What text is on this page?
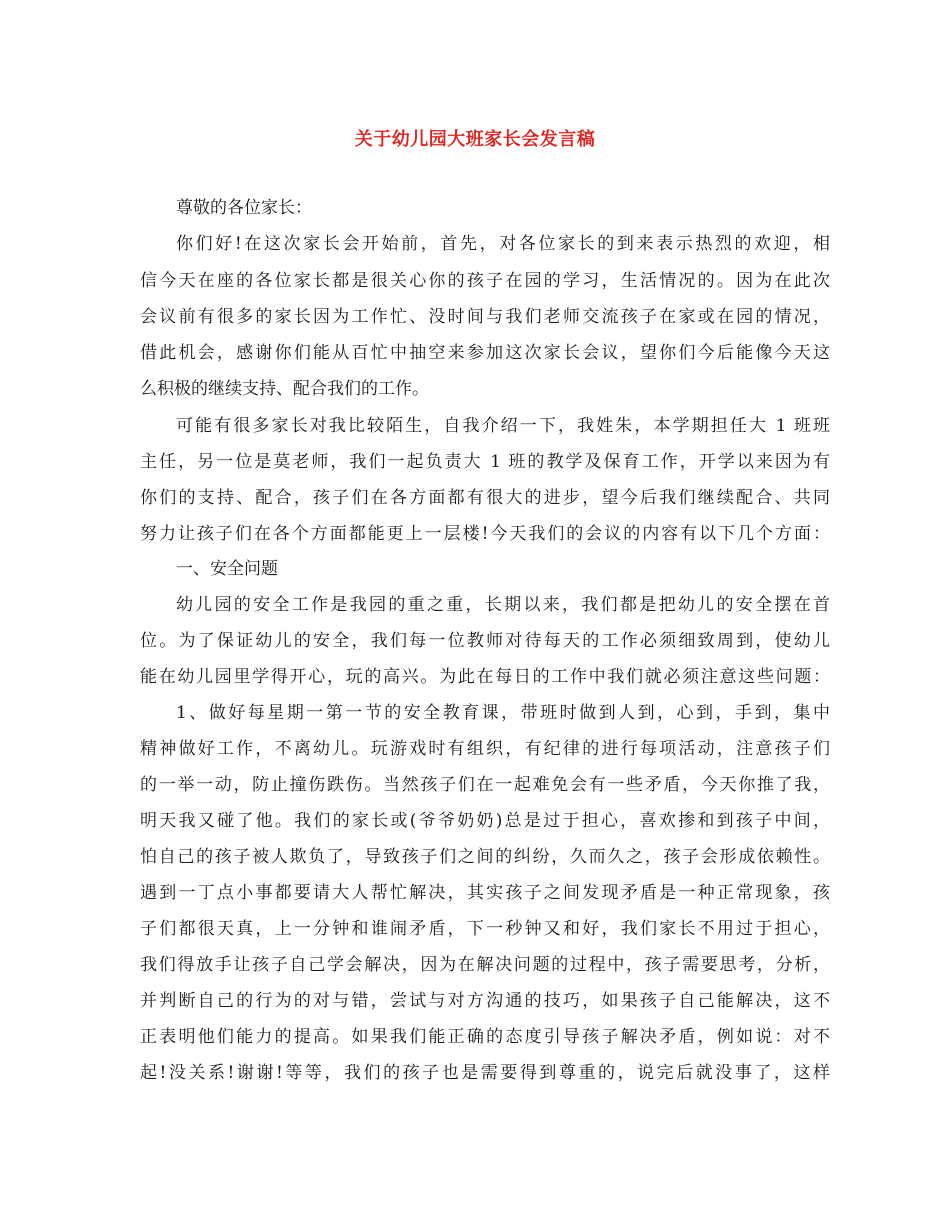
关于幼儿园大班家长会发言稿
尊敬的各位家长：
你们好!在这次家长会开始前，首先，对各位家长的到来表示热烈的欢迎，相
信今天在座的各位家长都是很关心你的孩子在园的学习，生活情况的。因为在此次
会议前有很多的家长因为工作忙、没时间与我们老师交流孩子在家或在园的情况，
借此机会，感谢你们能从百忙中抽空来参加这次家长会议，望你们今后能像今天这
么积极的继续支持、配合我们的工作。
可能有很多家长对我比较陌生，自我介绍一下，我姓朱，本学期担任大 1 班班
主任，另一位是莫老师，我们一起负责大 1 班的教学及保育工作，开学以来因为有
你们的支持、配合，孩子们在各方面都有很大的进步，望今后我们继续配合、共同
努力让孩子们在各个方面都能更上一层楼!今天我们的会议的内容有以下几个方面：
一、安全问题
幼儿园的安全工作是我园的重之重，长期以来，我们都是把幼儿的安全摆在首
位。为了保证幼儿的安全，我们每一位教师对待每天的工作必须细致周到，使幼儿
能在幼儿园里学得开心，玩的高兴。为此在每日的工作中我们就必须注意这些问题：
1、做好每星期一第一节的安全教育课，带班时做到人到，心到，手到，集中
精神做好工作，不离幼儿。玩游戏时有组织，有纪律的进行每项活动，注意孩子们
的一举一动，防止撞伤跌伤。当然孩子们在一起难免会有一些矛盾，今天你推了我，
明天我又碰了他。我们的家长或(爷爷奶奶)总是过于担心，喜欢掺和到孩子中间，
怕自己的孩子被人欺负了，导致孩子们之间的纠纷，久而久之，孩子会形成依赖性。
遇到一丁点小事都要请大人帮忙解决，其实孩子之间发现矛盾是一种正常现象，孩
子们都很天真，上一分钟和谁闹矛盾，下一秒钟又和好，我们家长不用过于担心，
我们得放手让孩子自己学会解决，因为在解决问题的过程中，孩子需要思考，分析，
并判断自己的行为的对与错，尝试与对方沟通的技巧，如果孩子自己能解决，这不
正表明他们能力的提高。如果我们能正确的态度引导孩子解决矛盾，例如说：对不
起!没关系!谢谢!等等，我们的孩子也是需要得到尊重的，说完后就没事了，这样
